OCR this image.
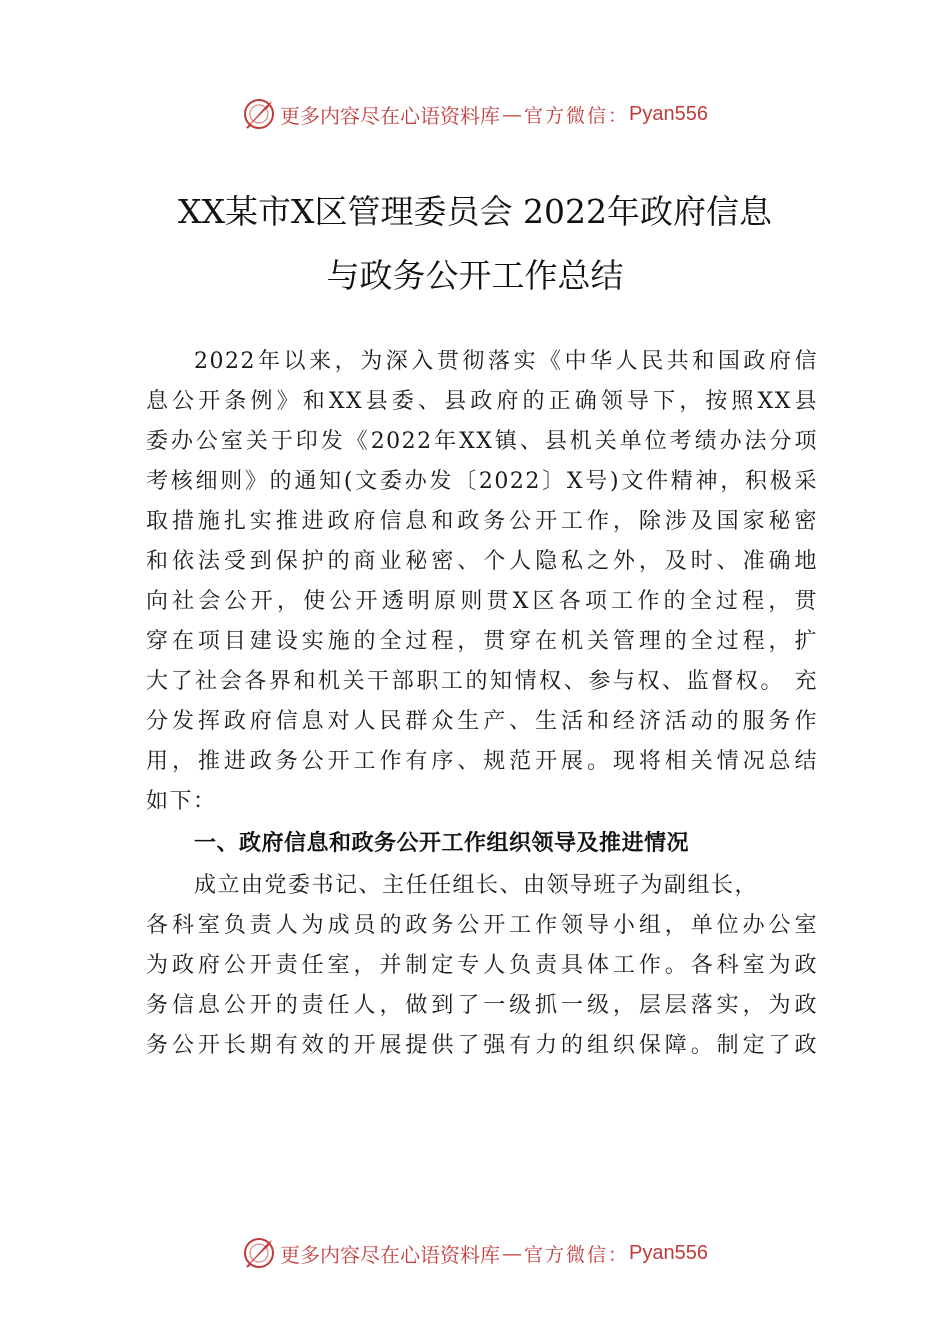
更多内容尽在心语资料库 — 官方微信： Pyan556
XX某市X区管理委员会 2022年政府信息
与政务公开工作总结
2022年以来，为深入贯彻落实《中华人民共和国政府信
息公开条例》和XX县委、县政府的正确领导下，按照XX县
委办公室关于印发《2022年XX镇、县机关单位考绩办法分项
考核细则》的通知(文委办发〔2022〕X号)文件精神，积极采
取措施扎实推进政府信息和政务公开工作，除涉及国家秘密
和依法受到保护的商业秘密、个人隐私之外，及时、准确地
向社会公开，使公开透明原则贯X区各项工作的全过程，贯
穿在项目建设实施的全过程，贯穿在机关管理的全过程，扩
大了社会各界和机关干部职工的知情权、参与权、监督权。 充
分发挥政府信息对人民群众生产、生活和经济活动的服务作
用，推进政务公开工作有序、规范开展。现将相关情况总结
如下：
一、政府信息和政务公开工作组织领导及推进情况
成立由党委书记、主任任组长、由领导班子为副组长，
各科室负责人为成员的政务公开工作领导小组，单位办公室
为政府公开责任室，并制定专人负责具体工作。各科室为政
务信息公开的责任人，做到了一级抓一级，层层落实，为政
务公开长期有效的开展提供了强有力的组织保障。制定了政
更多内容尽在心语资料库 — 官方微信： Pyan556
